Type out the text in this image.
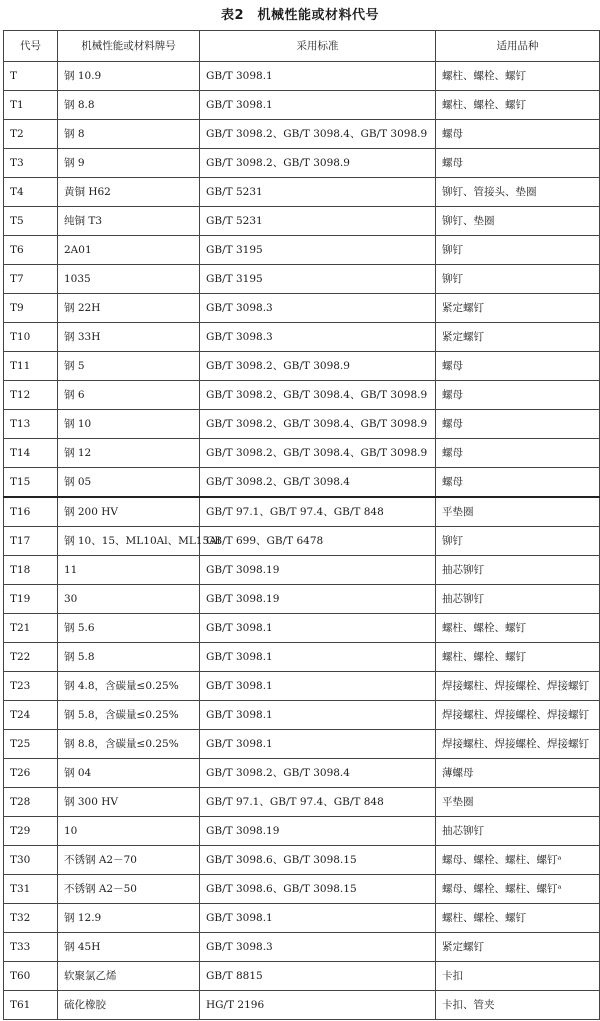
表2　机械性能或材料代号
代号	机械性能或材料牌号	采用标准	适用品种
T	钢 10.9	GB/T 3098.1	螺柱、螺栓、螺钉
T1	钢 8.8	GB/T 3098.1	螺柱、螺栓、螺钉
T2	钢 8	GB/T 3098.2、GB/T 3098.4、GB/T 3098.9	螺母
T3	钢 9	GB/T 3098.2、GB/T 3098.9	螺母
T4	黄铜 H62	GB/T 5231	铆钉、管接头、垫圈
T5	纯铜 T3	GB/T 5231	铆钉、垫圈
T6	2A01	GB/T 3195	铆钉
T7	1035	GB/T 3195	铆钉
T9	钢 22H	GB/T 3098.3	紧定螺钉
T10	钢 33H	GB/T 3098.3	紧定螺钉
T11	钢 5	GB/T 3098.2、GB/T 3098.9	螺母
T12	钢 6	GB/T 3098.2、GB/T 3098.4、GB/T 3098.9	螺母
T13	钢 10	GB/T 3098.2、GB/T 3098.4、GB/T 3098.9	螺母
T14	钢 12	GB/T 3098.2、GB/T 3098.4、GB/T 3098.9	螺母
T15	钢 05	GB/T 3098.2、GB/T 3098.4	螺母
T16	钢 200 HV	GB/T 97.1、GB/T 97.4、GB/T 848	平垫圈
T17	钢 10、15、ML10Al、ML15Al	GB/T 699、GB/T 6478	铆钉
T18	11	GB/T 3098.19	抽芯铆钉
T19	30	GB/T 3098.19	抽芯铆钉
T21	钢 5.6	GB/T 3098.1	螺柱、螺栓、螺钉
T22	钢 5.8	GB/T 3098.1	螺柱、螺栓、螺钉
T23	钢 4.8，含碳量≤0.25%	GB/T 3098.1	焊接螺柱、焊接螺栓、焊接螺钉
T24	钢 5.8，含碳量≤0.25%	GB/T 3098.1	焊接螺柱、焊接螺栓、焊接螺钉
T25	钢 8.8，含碳量≤0.25%	GB/T 3098.1	焊接螺柱、焊接螺栓、焊接螺钉
T26	钢 04	GB/T 3098.2、GB/T 3098.4	薄螺母
T28	钢 300 HV	GB/T 97.1、GB/T 97.4、GB/T 848	平垫圈
T29	10	GB/T 3098.19	抽芯铆钉
T30	不锈钢 A2－70	GB/T 3098.6、GB/T 3098.15	螺母、螺栓、螺柱、螺钉ᵃ
T31	不锈钢 A2－50	GB/T 3098.6、GB/T 3098.15	螺母、螺栓、螺柱、螺钉ᵃ
T32	钢 12.9	GB/T 3098.1	螺柱、螺栓、螺钉
T33	钢 45H	GB/T 3098.3	紧定螺钉
T60	软聚氯乙烯	GB/T 8815	卡扣
T61	硫化橡胶	HG/T 2196	卡扣、管夹
